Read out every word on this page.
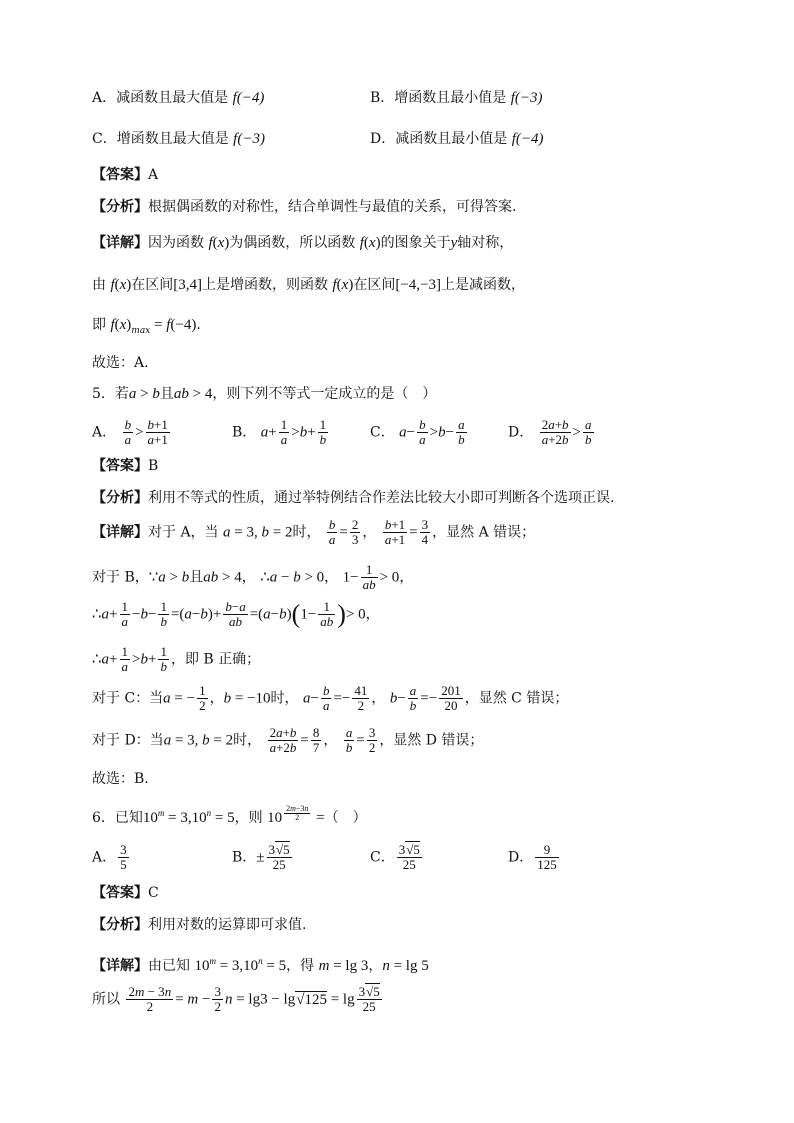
A．减函数且最大值是 f(−4)	B．增函数且最小值是 f(−3)
C．增函数且最大值是 f(−3)	D．减函数且最小值是 f(−4)
【答案】A
【分析】根据偶函数的对称性，结合单调性与最值的关系，可得答案.
【详解】因为函数 f(x)为偶函数，所以函数 f(x)的图象关于y轴对称，
由 f(x)在区间[3,4]上是增函数，则函数 f(x)在区间[−4,−3]上是减函数，
即 $f(x)_{max} = f(-4)$.
故选：A.
5．若a > b且ab > 4，则下列不等式一定成立的是（　）
A． $\frac{b}{a} > \frac{b+1}{a+1}$	B． $a+ \frac{1}{a} >b+ \frac{1}{b}$	C． $a- \frac{b}{a} >b- \frac{a}{b}$	D． $\frac{2a+b}{a+2b} > \frac{a}{b}$
【答案】B
【分析】利用不等式的性质，通过举特例结合作差法比较大小即可判断各个选项正误.
【详解】对于 A，当 a = 3, b = 2时， $\frac{b}{a} = \frac{2}{3}$ ， $\frac{b+1}{a+1} = \frac{3}{4}$ ，显然 A 错误；
对于 B，∵a > b且ab > 4， ∴a − b > 0， $1- \frac{1}{ab} > 0$，
∴a+ $\frac{1}{a} -b- \frac{1}{b} =(a-b)+ \frac{b-a}{ab} =(a-b)(1- \frac{1}{ab}$ )> 0，
∴a+ $\frac{1}{a} >b+ \frac{1}{b}$ ，即 B 正确；
对于 C：当a = − $\frac{1}{2}$ ，b = −10时， $a- \frac{b}{a} =- \frac{41}{2}$ ， $b- \frac{a}{b} =- \frac{201}{20}$ ，显然 C 错误；
对于 D：当a = 3, b = 2时， $\frac{2a+b}{a+2b} = \frac{8}{7}$ ， $\frac{a}{b} = \frac{3}{2}$ ，显然 D 错误；
故选：B.
6．已知$10^m = 3,10^n = 5$，则 10 $^{\frac{2m-3n}{2}}$ =（　）
A． $\frac{3}{5}$	B．± $\frac{3√5}{25}$	C． $\frac{3√5}{25}$	D． $\frac{9}{125}$
【答案】C
【分析】利用对数的运算即可求值.
【详解】由已知 $10^m = 3,10^n = 5$，得 m = lg 3，n = lg 5
所以 $\frac{2m - 3n}{2} = m - \frac{3}{2}$ $n = \lg 3 - \lg√125 = \lg \frac{3√5}{25}$
